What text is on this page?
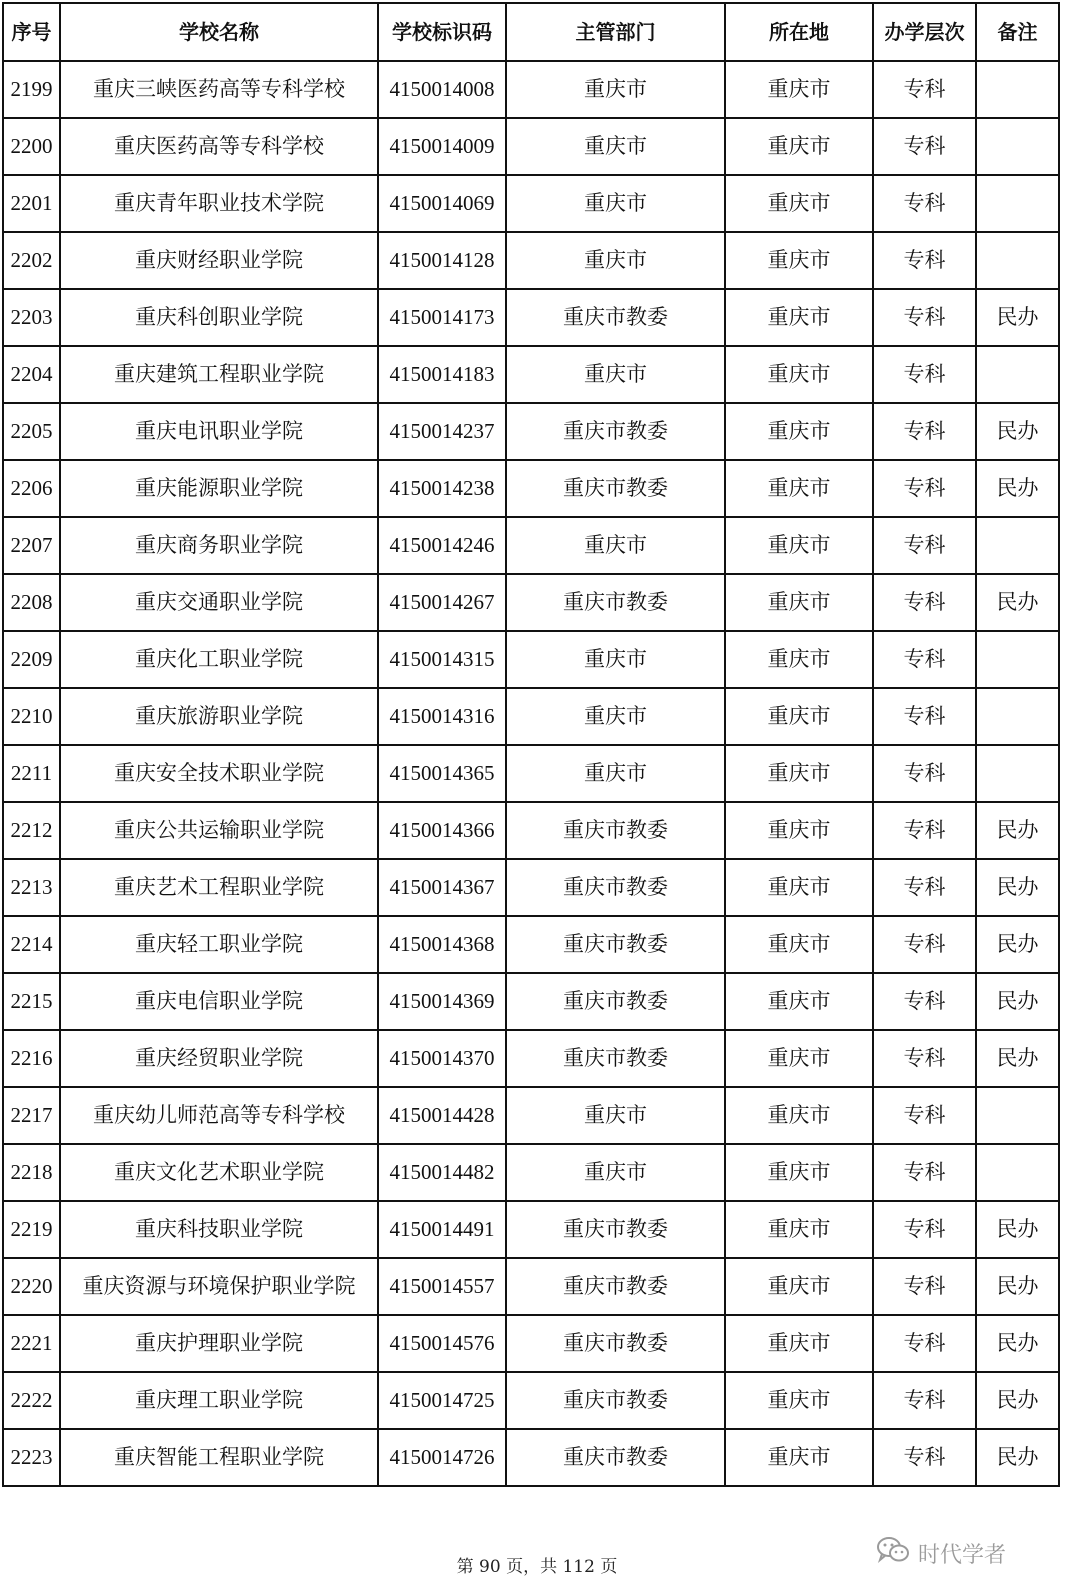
序号	学校名称	学校标识码	主管部门	所在地	办学层次	备注
2199	重庆三峡医药高等专科学校	4150014008	重庆市	重庆市	专科	
2200	重庆医药高等专科学校	4150014009	重庆市	重庆市	专科	
2201	重庆青年职业技术学院	4150014069	重庆市	重庆市	专科	
2202	重庆财经职业学院	4150014128	重庆市	重庆市	专科	
2203	重庆科创职业学院	4150014173	重庆市教委	重庆市	专科	民办
2204	重庆建筑工程职业学院	4150014183	重庆市	重庆市	专科	
2205	重庆电讯职业学院	4150014237	重庆市教委	重庆市	专科	民办
2206	重庆能源职业学院	4150014238	重庆市教委	重庆市	专科	民办
2207	重庆商务职业学院	4150014246	重庆市	重庆市	专科	
2208	重庆交通职业学院	4150014267	重庆市教委	重庆市	专科	民办
2209	重庆化工职业学院	4150014315	重庆市	重庆市	专科	
2210	重庆旅游职业学院	4150014316	重庆市	重庆市	专科	
2211	重庆安全技术职业学院	4150014365	重庆市	重庆市	专科	
2212	重庆公共运输职业学院	4150014366	重庆市教委	重庆市	专科	民办
2213	重庆艺术工程职业学院	4150014367	重庆市教委	重庆市	专科	民办
2214	重庆轻工职业学院	4150014368	重庆市教委	重庆市	专科	民办
2215	重庆电信职业学院	4150014369	重庆市教委	重庆市	专科	民办
2216	重庆经贸职业学院	4150014370	重庆市教委	重庆市	专科	民办
2217	重庆幼儿师范高等专科学校	4150014428	重庆市	重庆市	专科	
2218	重庆文化艺术职业学院	4150014482	重庆市	重庆市	专科	
2219	重庆科技职业学院	4150014491	重庆市教委	重庆市	专科	民办
2220	重庆资源与环境保护职业学院	4150014557	重庆市教委	重庆市	专科	民办
2221	重庆护理职业学院	4150014576	重庆市教委	重庆市	专科	民办
2222	重庆理工职业学院	4150014725	重庆市教委	重庆市	专科	民办
2223	重庆智能工程职业学院	4150014726	重庆市教委	重庆市	专科	民办
时代学者
第 90 页，共 112 页
